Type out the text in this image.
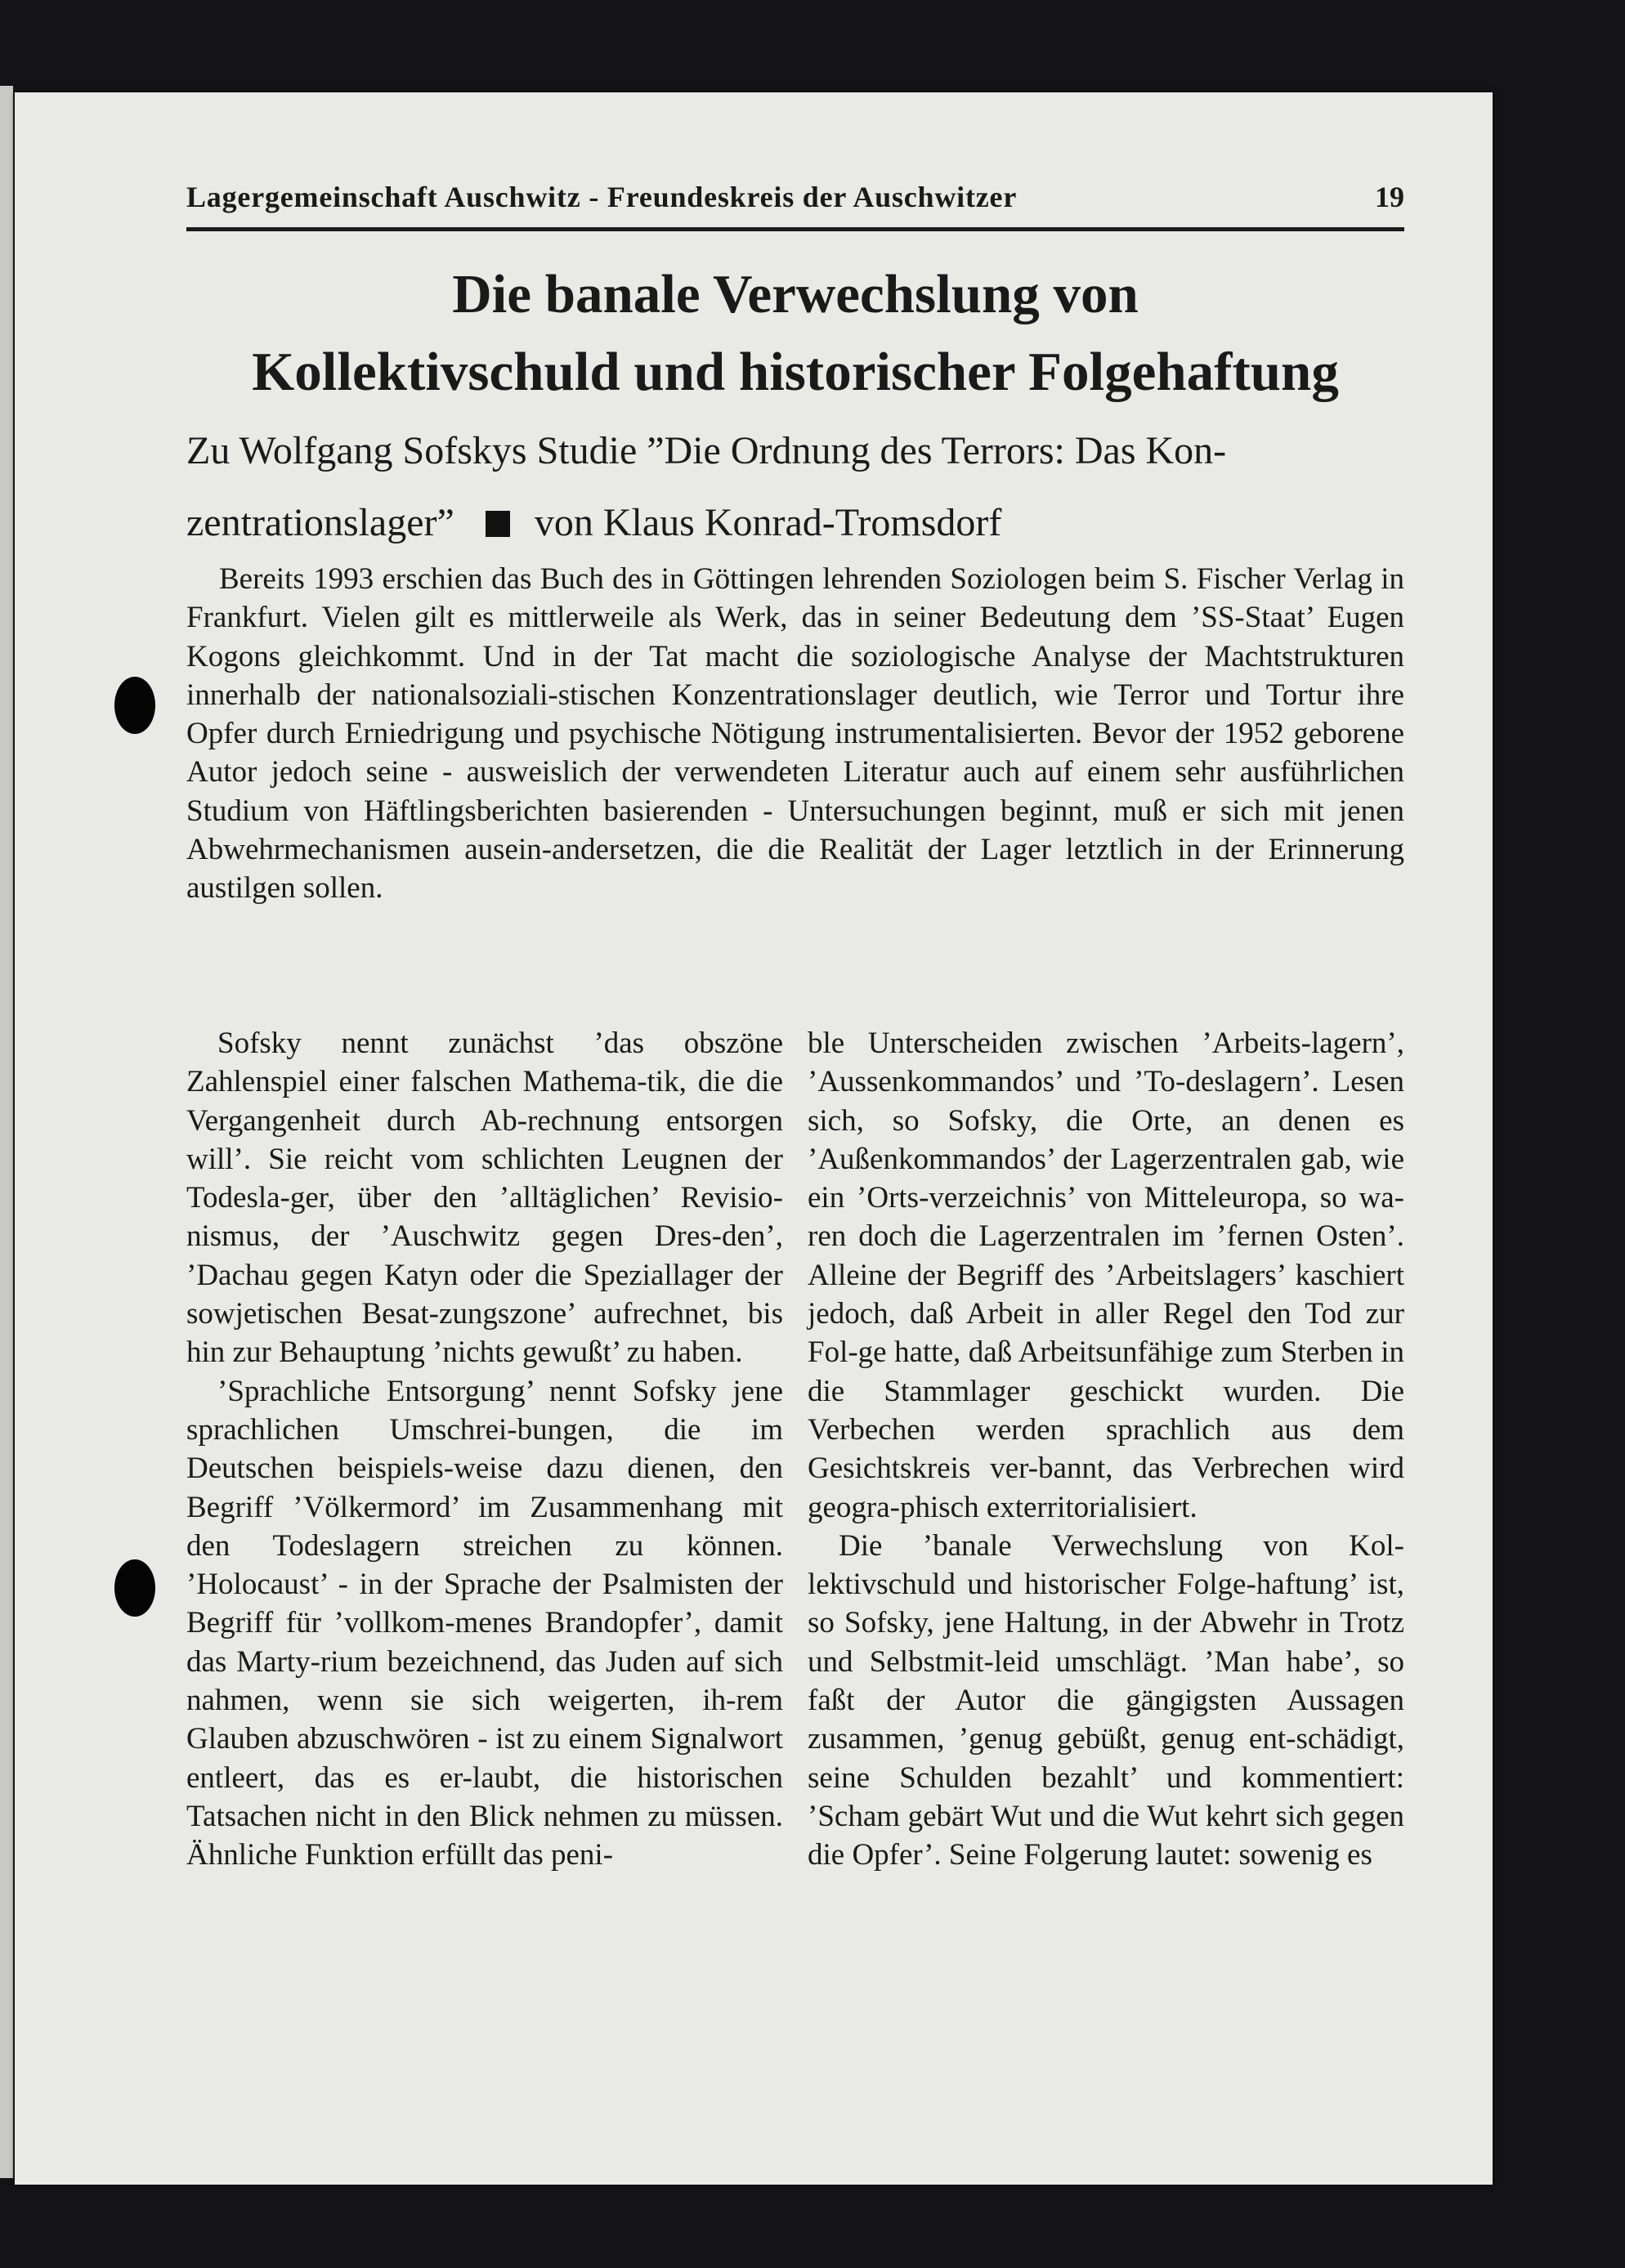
Lagergemeinschaft Auschwitz - Freundeskreis der Auschwitzer	19
Die banale Verwechslung von
Kollektivschuld und historischer Folgehaftung
Zu Wolfgang Sofskys Studie ”Die Ordnung des Terrors: Das Kon-
zentrationslager” von Klaus Konrad-Tromsdorf

Bereits 1993 erschien das Buch des in Göttingen lehrenden Soziologen beim S. Fischer Verlag in Frankfurt. Vielen gilt es mittlerweile als Werk, das in seiner Bedeutung dem ’SS-Staat’ Eugen Kogons gleichkommt. Und in der Tat macht die soziologische Analyse der Machtstrukturen innerhalb der nationalsoziali-stischen Konzentrationslager deutlich, wie Terror und Tortur ihre Opfer durch Erniedrigung und psychische Nötigung instrumentalisierten. Bevor der 1952 geborene Autor jedoch seine - ausweislich der verwendeten Literatur auch auf einem sehr ausführlichen Studium von Häftlingsberichten basierenden - Untersuchungen beginnt, muß er sich mit jenen Abwehrmechanismen ausein-andersetzen, die die Realität der Lager letztlich in der Erinnerung austilgen sollen.

Sofsky nennt zunächst ’das obszöne Zahlenspiel einer falschen Mathema-tik, die die Vergangenheit durch Ab-rechnung entsorgen will’. Sie reicht vom schlichten Leugnen der Todesla-ger, über den ’alltäglichen’ Revisio-nismus, der ’Auschwitz gegen Dres-den’, ’Dachau gegen Katyn oder die Speziallager der sowjetischen Besat-zungszone’ aufrechnet, bis hin zur Behauptung ’nichts gewußt’ zu haben.

’Sprachliche Entsorgung’ nennt Sofsky jene sprachlichen Umschrei-bungen, die im Deutschen beispiels-weise dazu dienen, den Begriff ’Völkermord’ im Zusammenhang mit den Todeslagern streichen zu können. ’Holocaust’ - in der Sprache der Psalmisten der Begriff für ’vollkom-menes Brandopfer’, damit das Marty-rium bezeichnend, das Juden auf sich nahmen, wenn sie sich weigerten, ih-rem Glauben abzuschwören - ist zu einem Signalwort entleert, das es er-laubt, die historischen Tatsachen nicht in den Blick nehmen zu müssen. Ähnliche Funktion erfüllt das peni-

ble Unterscheiden zwischen ’Arbeits-lagern’, ’Aussenkommandos’ und ’To-deslagern’. Lesen sich, so Sofsky, die Orte, an denen es ’Außenkommandos’ der Lagerzentralen gab, wie ein ’Orts-verzeichnis’ von Mitteleuropa, so wa-ren doch die Lagerzentralen im ’fernen Osten’. Alleine der Begriff des ’Arbeitslagers’ kaschiert jedoch, daß Arbeit in aller Regel den Tod zur Fol-ge hatte, daß Arbeitsunfähige zum Sterben in die Stammlager geschickt wurden. Die Verbechen werden sprachlich aus dem Gesichtskreis ver-bannt, das Verbrechen wird geogra-phisch exterritorialisiert.

Die ’banale Verwechslung von Kol-lektivschuld und historischer Folge-haftung’ ist, so Sofsky, jene Haltung, in der Abwehr in Trotz und Selbstmit-leid umschlägt. ’Man habe’, so faßt der Autor die gängigsten Aussagen zusammen, ’genug gebüßt, genug ent-schädigt, seine Schulden bezahlt’ und kommentiert: ’Scham gebärt Wut und die Wut kehrt sich gegen die Opfer’. Seine Folgerung lautet: sowenig es
